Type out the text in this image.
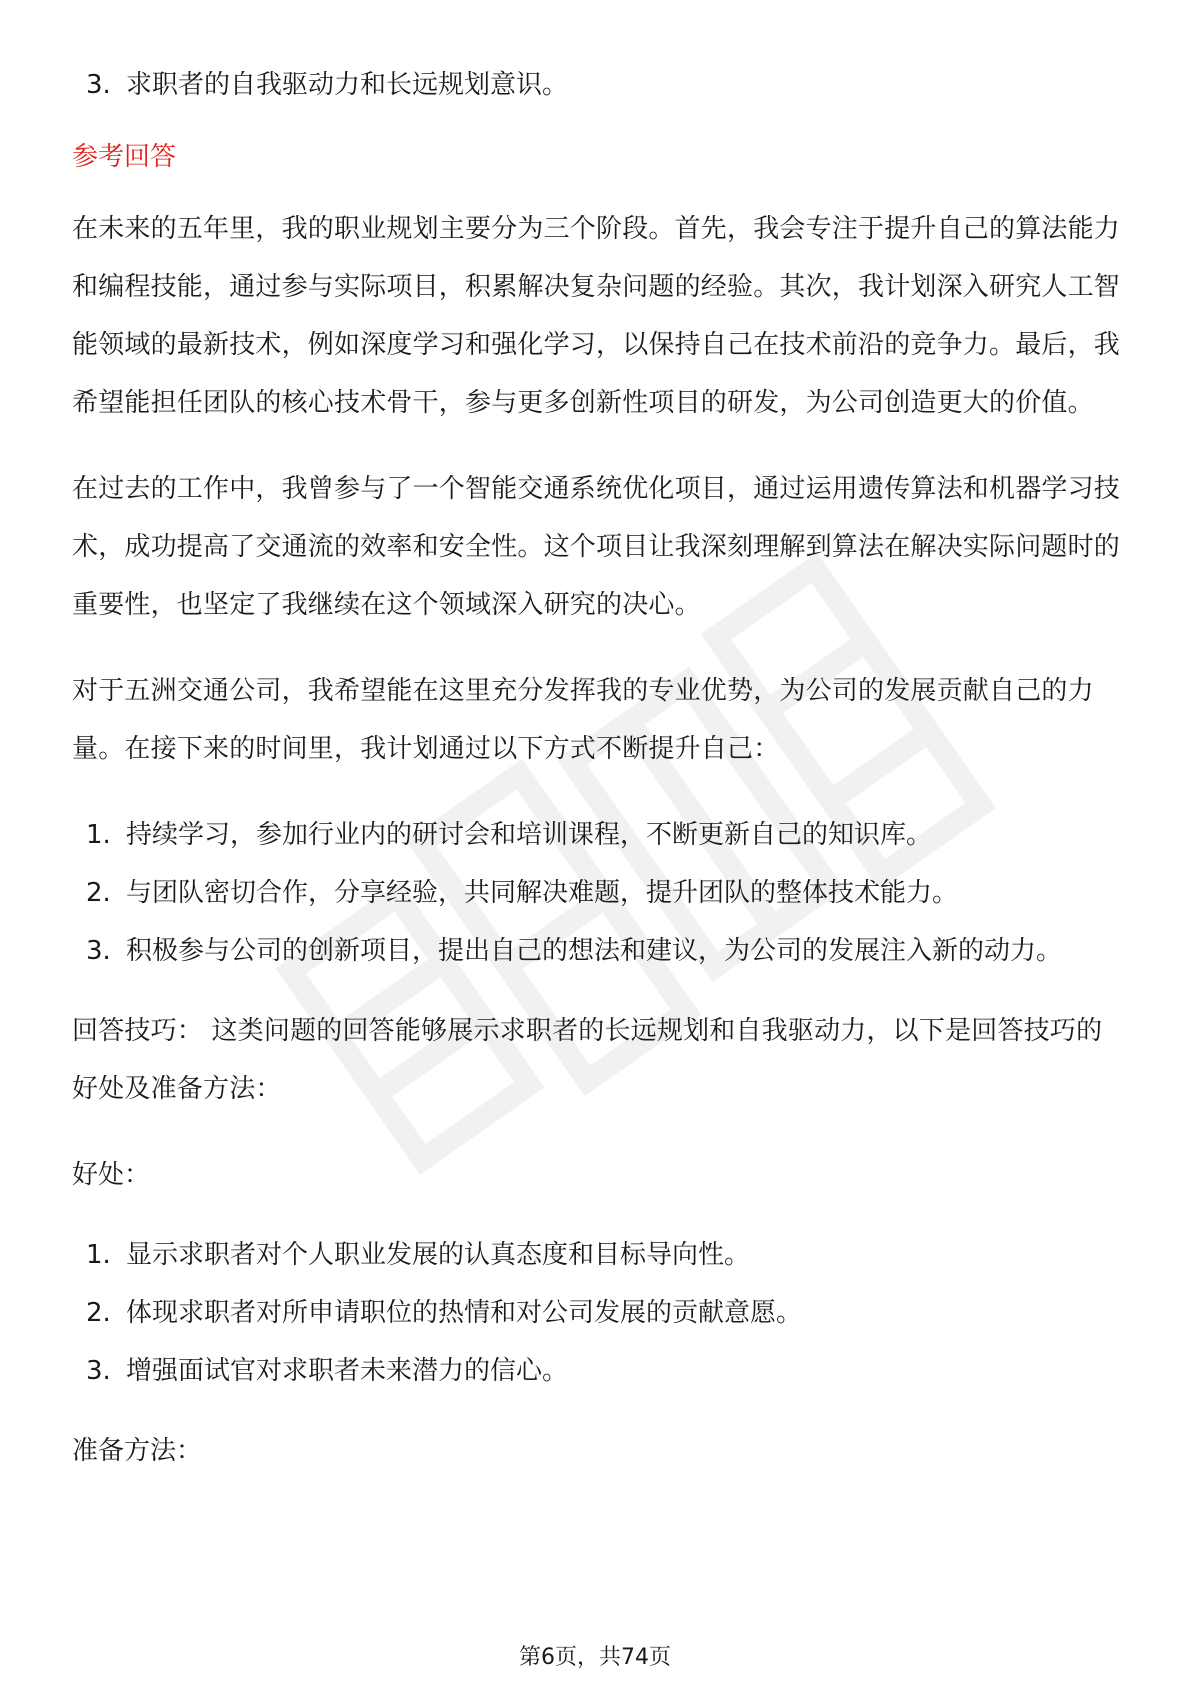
3. 求职者的自我驱动力和长远规划意识。
参考回答

在未来的五年里，我的职业规划主要分为三个阶段。首先，我会专注于提升自己的算法能力和编程技能，通过参与实际项目，积累解决复杂问题的经验。其次，我计划深入研究人工智能领域的最新技术，例如深度学习和强化学习，以保持自己在技术前沿的竞争力。最后，我希望能担任团队的核心技术骨干，参与更多创新性项目的研发，为公司创造更大的价值。

在过去的工作中，我曾参与了一个智能交通系统优化项目，通过运用遗传算法和机器学习技术，成功提高了交通流的效率和安全性。这个项目让我深刻理解到算法在解决实际问题时的重要性，也坚定了我继续在这个领域深入研究的决心。

对于五洲交通公司，我希望能在这里充分发挥我的专业优势，为公司的发展贡献自己的力量。在接下来的时间里，我计划通过以下方式不断提升自己：

1. 持续学习，参加行业内的研讨会和培训课程，不断更新自己的知识库。
2. 与团队密切合作，分享经验，共同解决难题，提升团队的整体技术能力。
3. 积极参与公司的创新项目，提出自己的想法和建议，为公司的发展注入新的动力。

回答技巧： 这类问题的回答能够展示求职者的长远规划和自我驱动力，以下是回答技巧的好处及准备方法：

好处：
1. 显示求职者对个人职业发展的认真态度和目标导向性。
2. 体现求职者对所申请职位的热情和对公司发展的贡献意愿。
3. 增强面试官对求职者未来潜力的信心。
准备方法：
第6页，共74页
